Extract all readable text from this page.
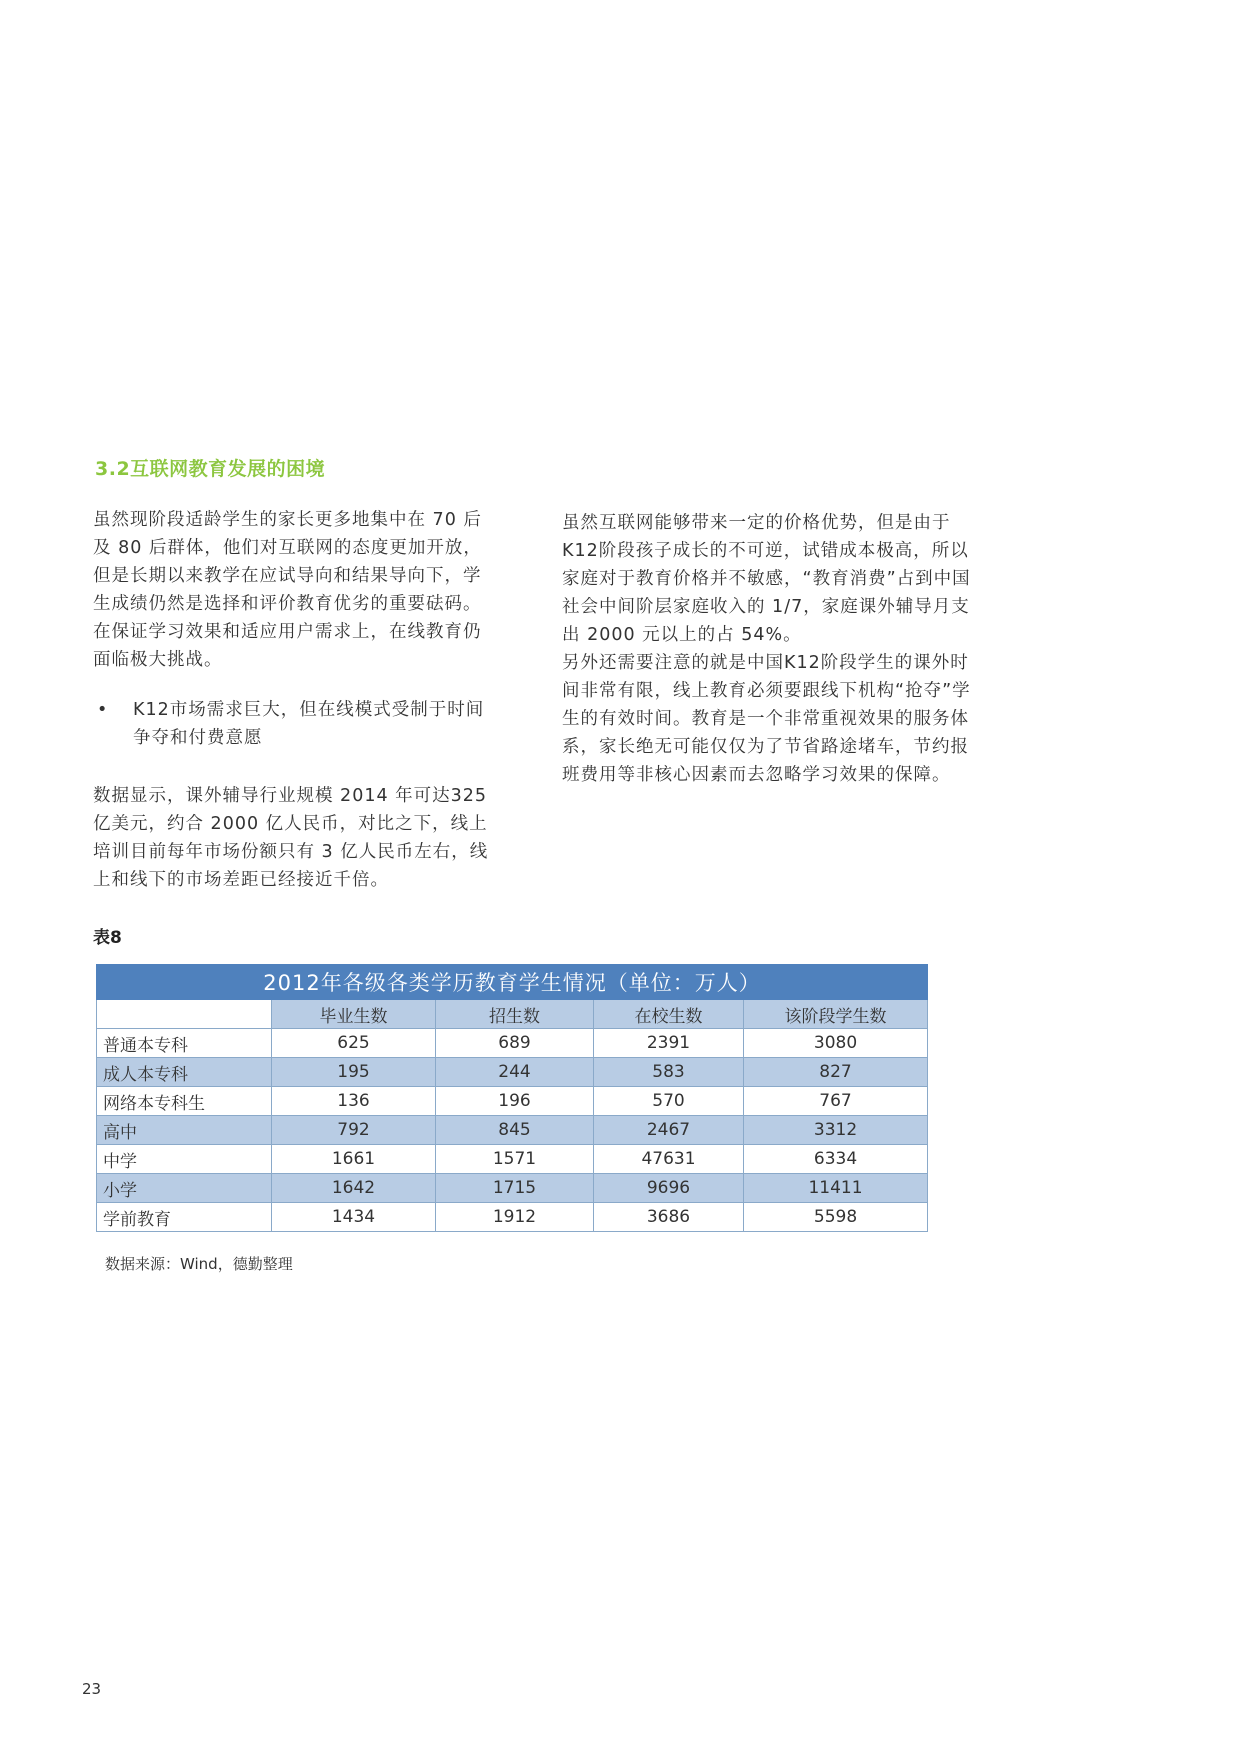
3.2互联网教育发展的困境

虽然现阶段适龄学生的家长更多地集中在 70 后及 80 后群体，他们对互联网的态度更加开放，但是长期以来教学在应试导向和结果导向下，学生成绩仍然是选择和评价教育优劣的重要砝码。在保证学习效果和适应用户需求上，在线教育仍面临极大挑战。

• K12市场需求巨大，但在线模式受制于时间争夺和付费意愿

数据显示，课外辅导行业规模 2014 年可达325亿美元，约合 2000 亿人民币，对比之下，线上培训目前每年市场份额只有 3 亿人民币左右，线上和线下的市场差距已经接近千倍。

虽然互联网能够带来一定的价格优势，但是由于K12阶段孩子成长的不可逆，试错成本极高，所以家庭对于教育价格并不敏感，“教育消费”占到中国社会中间阶层家庭收入的 1/7，家庭课外辅导月支出 2000 元以上的占 54%。

另外还需要注意的就是中国K12阶段学生的课外时间非常有限，线上教育必须要跟线下机构“抢夺”学生的有效时间。教育是一个非常重视效果的服务体系，家长绝无可能仅仅为了节省路途堵车，节约报班费用等非核心因素而去忽略学习效果的保障。

表8
2012年各级各类学历教育学生情况（单位：万人）				
	毕业生数	招生数	在校生数	该阶段学生数
普通本专科	625	689	2391	3080
成人本专科	195	244	583	827
网络本专科生	136	196	570	767
高中	792	845	2467	3312
中学	1661	1571	47631	6334
小学	1642	1715	9696	11411
学前教育	1434	1912	3686	5598
数据来源：Wind，德勤整理
23
